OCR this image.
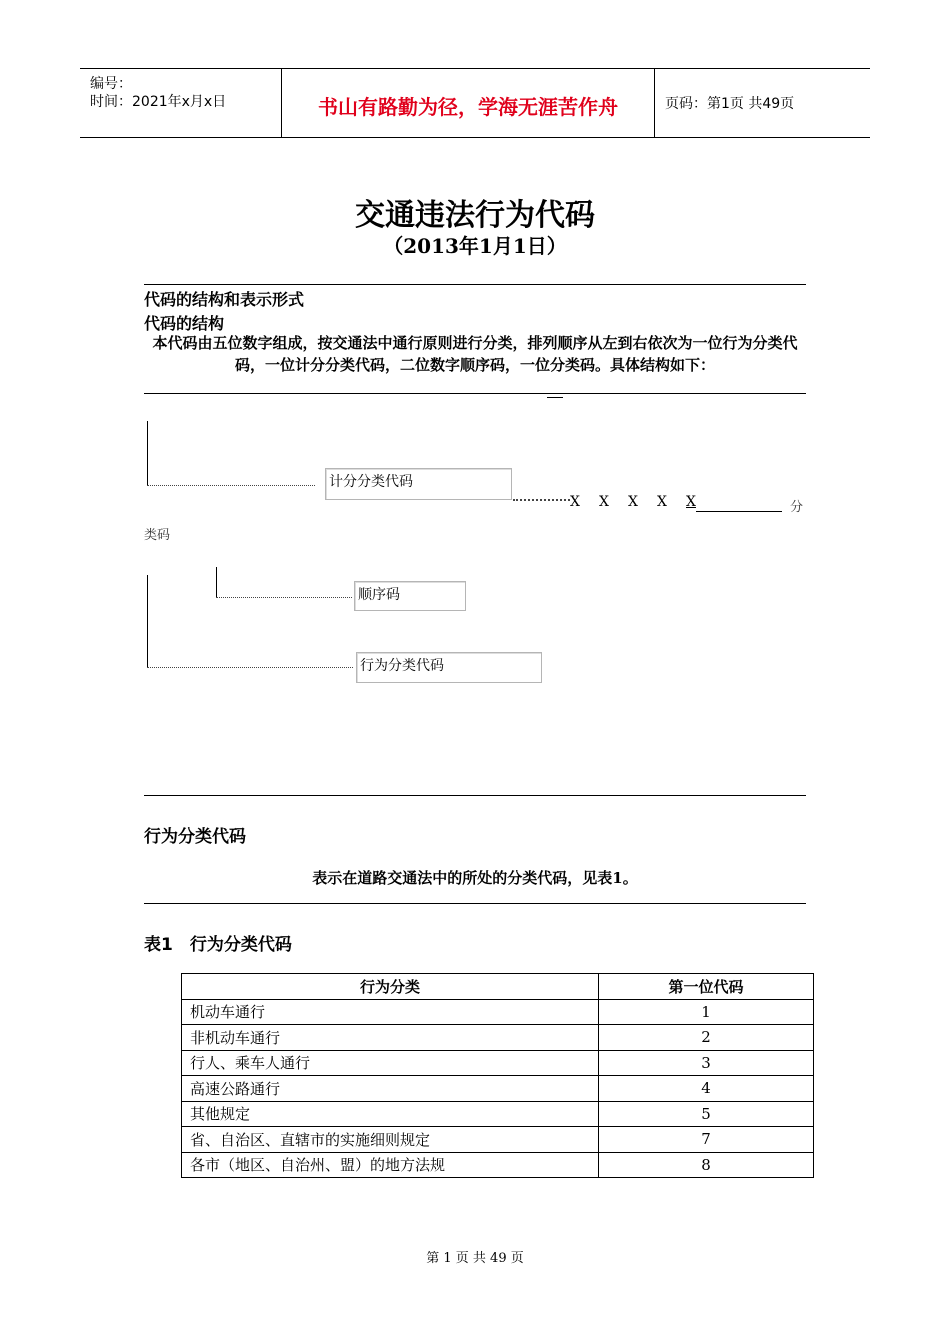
编号：
时间：2021年x月x日	书山有路勤为径，学海无涯苦作舟	页码：第1页 共49页
交通违法行为代码
（2013年1月1日）
代码的结构和表示形式
代码的结构
本代码由五位数字组成，按交通法中通行原则进行分类，排列顺序从左到右依次为一位行为分类代码，一位计分分类代码，二位数字顺序码，一位分类码。具体结构如下：
计分分类代码
X X X X X	分
类码
顺序码
行为分类代码
行为分类代码
表示在道路交通法中的所处的分类代码，见表1。
表1　行为分类代码
行为分类	第一位代码
机动车通行	1
非机动车通行	2
行人、乘车人通行	3
高速公路通行	4
其他规定	5
省、自治区、直辖市的实施细则规定	7
各市（地区、自治州、盟）的地方法规	8
第 1 页 共 49 页
